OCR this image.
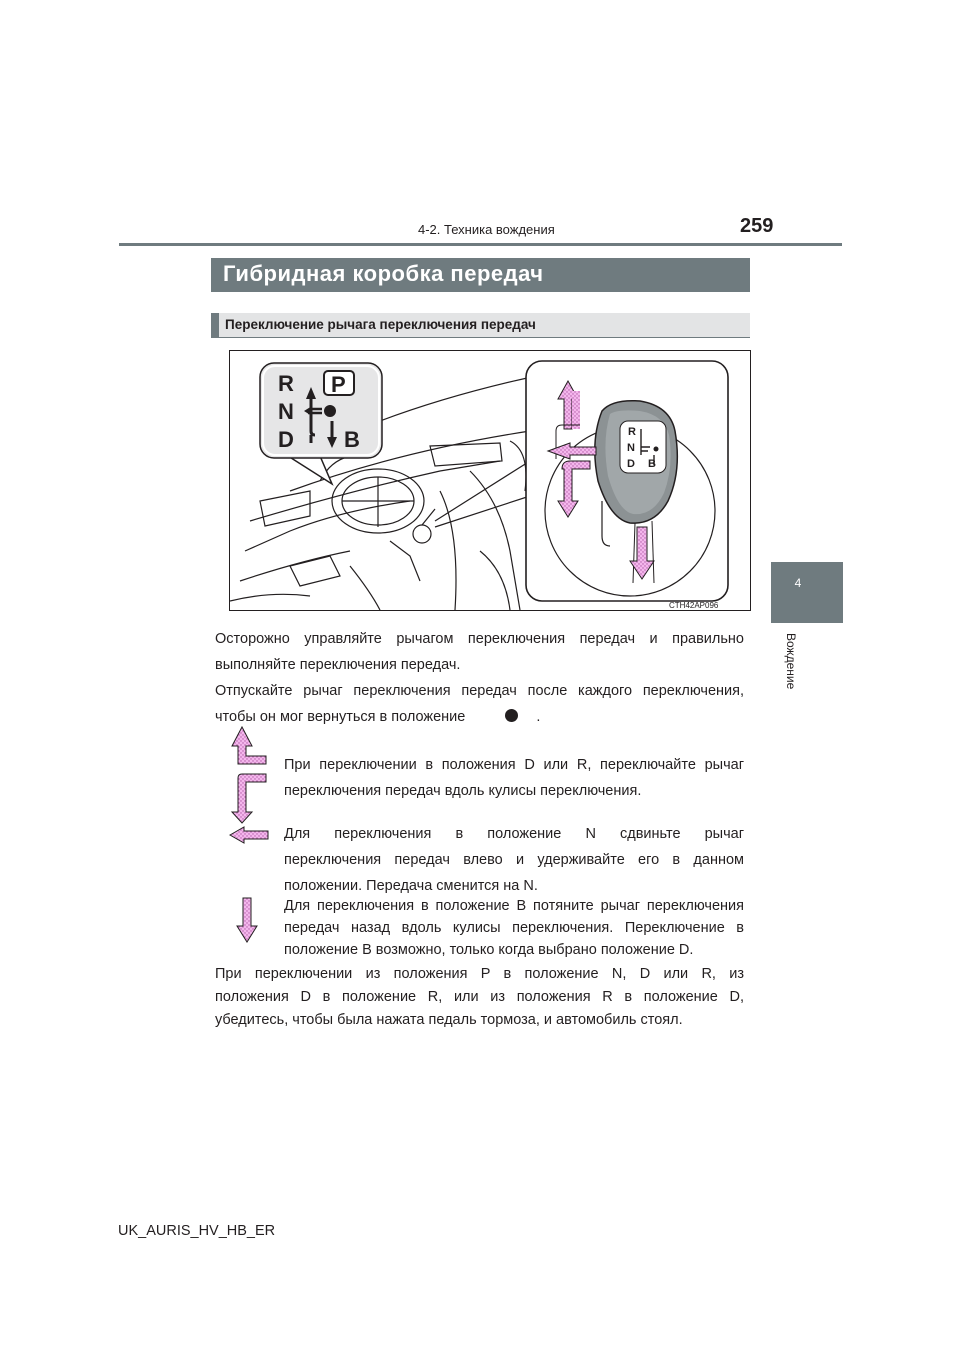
4-2. Техника вождения	259
4
Вождение
Гибридная коробка передач
Переключение рычага переключения передач
R
N
D
P
B	R
N
D B
CTH42AP096
Осторожно управляйте рычагом переключения передач и правильно
выполняйте переключения передач.
Отпускайте рычаг переключения передач после каждого переключения,
чтобы он мог вернуться в положение	.
При переключении в положения D или R, переключайте рычаг
переключения передач вдоль кулисы переключения.
Для переключения в положение N сдвиньте рычаг
переключения передач влево и удерживайте его в данном
положении. Передача сменится на N.
Для переключения в положение B потяните рычаг переключения
передач назад вдоль кулисы переключения. Переключение в
положение B возможно, только когда выбрано положение D.
При переключении из положения P в положение N, D или R, из
положения D в положение R, или из положения R в положение D,
убедитесь, чтобы была нажата педаль тормоза, и автомобиль стоял.
UK_AURIS_HV_HB_ER
